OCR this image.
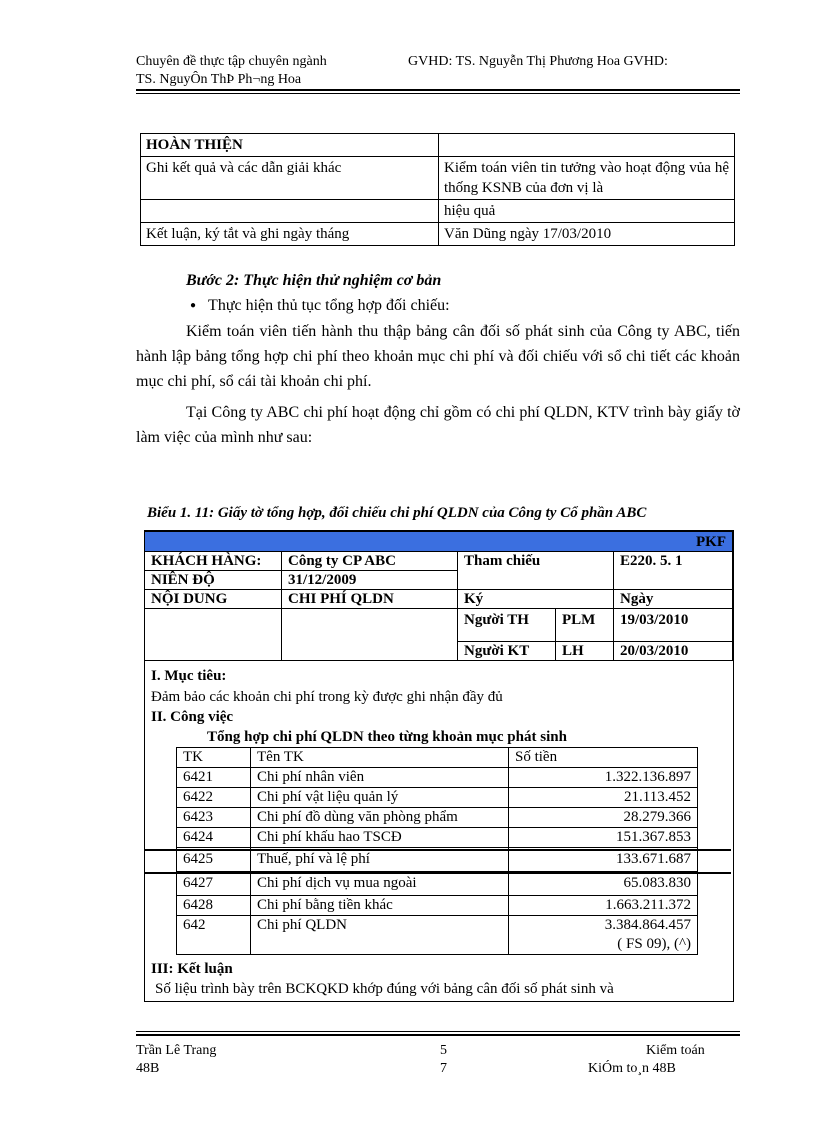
Chuyên đề thực tập chuyên ngành	GVHD: TS. Nguyễn Thị Phương Hoa GVHD:
TS. NguyÔn ThÞ Ph¬ng Hoa
HOÀN THIỆN	
Ghi kết quả và các dẫn giải khác	Kiểm toán viên tin tưởng vào hoạt động vủa hệ thống KSNB của đơn vị là
	hiệu quả
Kết luận, ký tắt và ghi ngày tháng	Văn Dũng ngày 17/03/2010
Bước 2: Thực hiện thử nghiệm cơ bản
● Thực hiện thủ tục tổng hợp đối chiếu:
Kiểm toán viên tiến hành thu thập bảng cân đối số phát sinh của Công ty ABC, tiến hành lập bảng tổng hợp chi phí theo khoản mục chi phí và đối chiếu với sổ chi tiết các khoản mục chi phí, sổ cái tài khoản chi phí.
Tại Công ty ABC chi phí hoạt động chỉ gồm có chi phí QLDN, KTV trình bày giấy tờ làm việc của mình như sau:
Biểu 1. 11: Giấy tờ tổng hợp, đối chiếu chi phí QLDN của Công ty Cổ phần ABC
PKF				
KHÁCH HÀNG:	Công ty CP ABC	Tham chiếu		E220. 5. 1
NIÊN ĐỘ	31/12/2009			
NỘI DUNG	CHI PHÍ QLDN	Ký		Ngày
		Người TH	PLM	19/03/2010
		Người KT	LH	20/03/2010
I. Mục tiêu:
Đảm bảo các khoản chi phí trong kỳ được ghi nhận đầy đủ
II. Công việc
Tổng hợp chi phí QLDN theo từng khoản mục phát sinh
TK	Tên TK	Số tiền
6421	Chi phí nhân viên	1.322.136.897
6422	Chi phí vật liệu quản lý	21.113.452
6423	Chi phí đồ dùng văn phòng phẩm	28.279.366
6424	Chi phí khấu hao TSCĐ	151.367.853
6425	Thuế, phí và lệ phí	133.671.687
6427	Chi phí dịch vụ mua ngoài	65.083.830
6428	Chi phí bằng tiền khác	1.663.211.372
642	Chi phí QLDN	3.384.864.457
( FS 09), (^)
III: Kết luận
Số liệu trình bày trên BCKQKD khớp đúng với bảng cân đối số phát sinh và
Trần Lê Trang
48B
5
7
Kiểm toán
KiÓm to¸n 48B
